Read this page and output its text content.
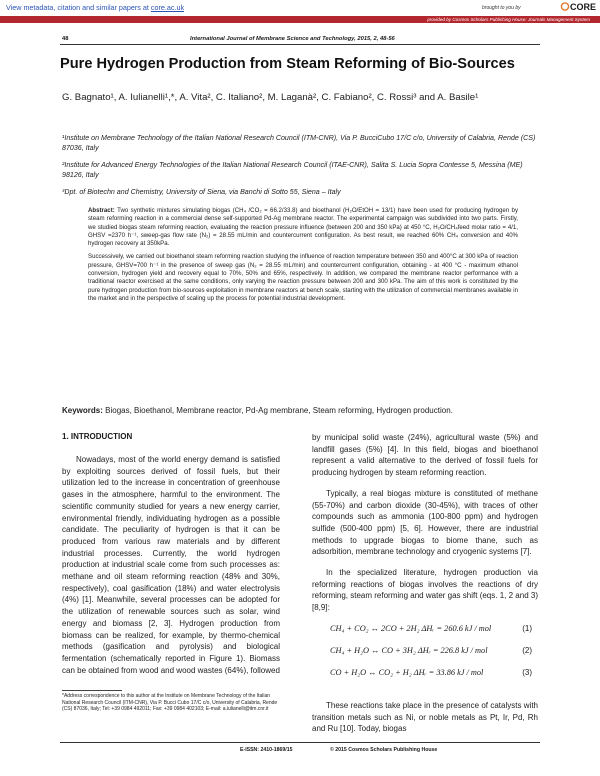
View metadata, citation and similar papers at core.ac.uk	brought to you by	CORE
provided by Cosmos Scholars Publishing House: Journals Management System
48	International Journal of Membrane Science and Technology, 2015, 2, 48-56
Pure Hydrogen Production from Steam Reforming of Bio-Sources
G. Bagnato¹, A. Iulianelli¹,*, A. Vita², C. Italiano², M. Laganà², C. Fabiano², C. Rossi³ and A. Basile¹
¹Institute on Membrane Technology of the Italian National Research Council (ITM-CNR), Via P. BucciCubo 17/C c/o, University of Calabria, Rende (CS) 87036, Italy
²Institute for Advanced Energy Technologies of the Italian National Research Council (ITAE-CNR), Salita S. Lucia Sopra Contesse 5, Messina (ME) 98126, Italy
³Dpt. of Biotechn and Chemistry, University of Siena, via Banchi di Sotto 55, Siena – Italy

Abstract: Two synthetic mixtures simulating biogas (CH₄ /CO₂ = 66.2/33.8) and bioethanol (H₂O/EtOH = 13/1) have been used for producing hydrogen by steam reforming reaction in a commercial dense self-supported Pd-Ag membrane reactor. The experimental campaign was subdivided into two parts. Firstly, we studied biogas steam reforming reaction, evaluating the reaction pressure influence (between 200 and 350 kPa) at 450 °C, H₂O/CH₄feed molar ratio = 4/1, GHSV =2370 h⁻¹, sweep-gas flow rate (N₂) = 28.55 mL/min and countercurrent configuration. As best result, we reached 60% CH₄ conversion and 40% hydrogen recovery at 350kPa.

Successively, we carried out bioethanol steam reforming reaction studying the influence of reaction temperature between 350 and 400°C at 300 kPa of reaction pressure, GHSV=700 h⁻¹ in the presence of sweep gas (N₂ = 28.55 mL/min) and countercurrent configuration, obtaining - at 400 °C - maximum ethanol conversion, hydrogen yield and recovery equal to 70%, 50% and 65%, respectively. In addition, we compared the membrane reactor performance with a traditional reactor exercised at the same conditions, only varying the reaction pressure between 200 and 300 kPa. The aim of this work is constituted by the pure hydrogen production from bio-sources exploitation in membrane reactors at bench scale, starting with the utilization of commercial membranes available in the market and in the perspective of scaling up the process for potential industrial development.

Keywords: Biogas, Bioethanol, Membrane reactor, Pd-Ag membrane, Steam reforming, Hydrogen production.
1. INTRODUCTION

Nowadays, most of the world energy demand is satisfied by exploiting sources derived of fossil fuels, but their utilization led to the increase in concentration of greenhouse gases in the atmosphere, harmful to the environment. The scientific community studied for years a new energy carrier, environmental friendly, individuating hydrogen as a possible candidate. The peculiarity of hydrogen is that it can be produced from various raw materials and by different industrial processes. Currently, the world hydrogen production at industrial scale come from such processes as: methane and oil steam reforming reaction (48% and 30%, respectively), coal gasification (18%) and water electrolysis (4%) [1]. Meanwhile, several processes can be adopted for the utilization of renewable sources such as solar, wind energy and biomass [2, 3]. Hydrogen production from biomass can be realized, for example, by thermo-chemical methods (gasification and pyrolysis) and biological fermentation (schematically reported in Figure 1). Biomass can be obtained from wood and wood wastes (64%), followed

by municipal solid waste (24%), agricultural waste (5%) and landfill gases (5%) [4]. In this field, biogas and bioethanol represent a valid alternative to the derived of fossil fuels for producing hydrogen by steam reforming reaction.

Typically, a real biogas mixture is constituted of methane (55-70%) and carbon dioxide (30-45%), with traces of other compounds such as ammonia (100-800 ppm) and hydrogen sulfide (500-400 ppm) [5, 6]. However, there are industrial methods to upgrade biogas to biome thane, such as adsorbition, membrane technology and cryogenic systems [7].

In the specialized literature, hydrogen production via reforming reactions of biogas involves the reactions of dry reforming, steam reforming and water gas shift (eqs. 1, 2 and 3) [8,9]:

CH₄ + CO₂ ↔ 2CO + 2H₂ ΔHᵣ = 260.6 kJ / mol	(1)
CH₄ + H₂O ↔ CO + 3H₂ ΔHᵣ = 226.8 kJ / mol	(2)
CO + H₂O ↔ CO₂ + H₂ ΔHᵣ = 33.86 kJ / mol	(3)

These reactions take place in the presence of catalysts with transition metals such as Ni, or noble metals as Pt, Ir, Pd, Rh and Ru [10]. Today, biogas

*Address correspondence to this author at the Institute on Membrane Technology of the Italian National Research Council (ITM-CNR), Via P. Bucci Cubo 17/C c/o, University of Calabria, Rende (CS) 87036, Italy; Tel: +39 0984 492011; Fax: +39 0984 402103; E-mail: a.iulianelli@itm.cnr.it
E-ISSN: 2410-1869/15	© 2015 Cosmos Scholars Publishing House
